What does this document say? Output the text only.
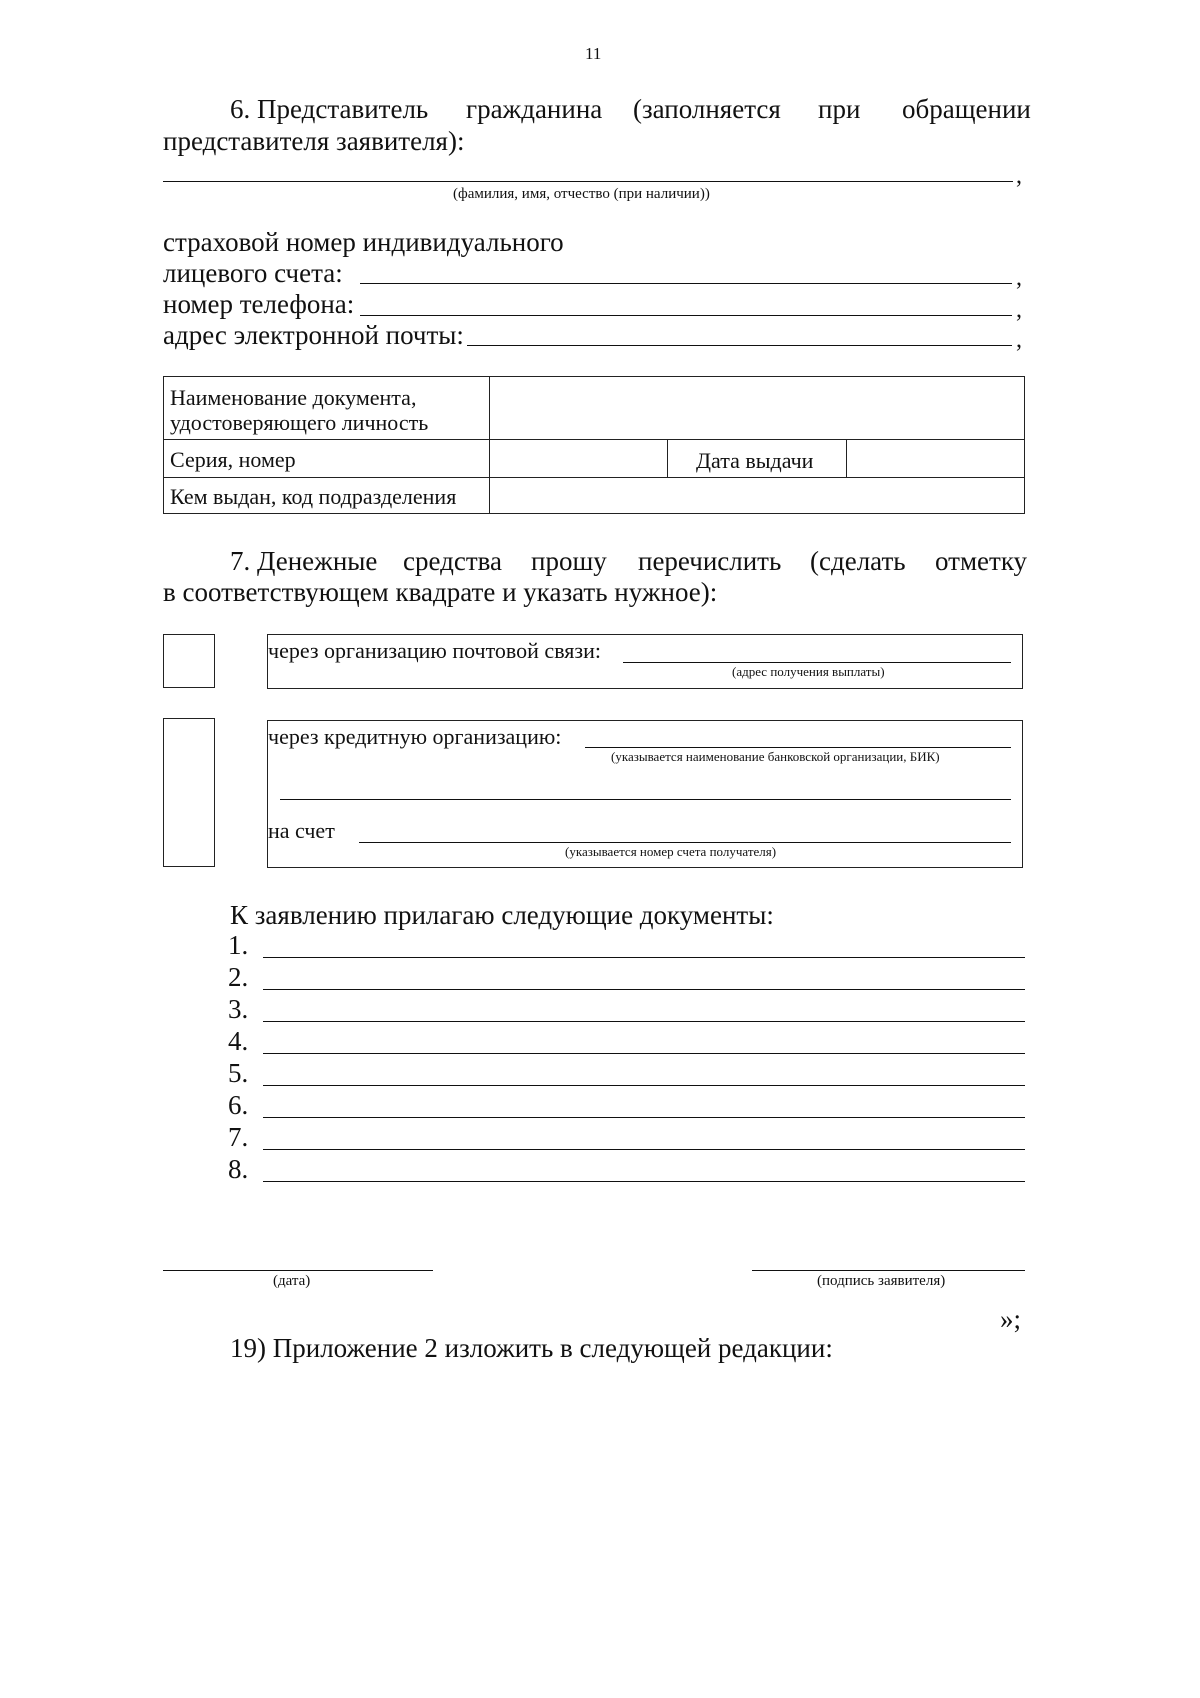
11
6. Представитель гражданина (заполняется при обращении
представителя заявителя):
,
(фамилия, имя, отчество (при наличии))
страховой номер индивидуального
лицевого счета:	,
номер телефона:	,
адрес электронной почты:	,
Наименование документа,
удостоверяющего личность
Серия, номер	Дата выдачи
Кем выдан, код подразделения
7. Денежные средства прошу перечислить (сделать отметку
в соответствующем квадрате и указать нужное):
через организацию почтовой связи:
(адрес получения выплаты)
через кредитную организацию:
(указывается наименование банковской организации, БИК)
на счет
(указывается номер счета получателя)
К заявлению прилагаю следующие документы:
1.
2.
3.
4.
5.
6.
7.
8.
(дата)	(подпись заявителя)
»;
19) Приложение 2 изложить в следующей редакции:
